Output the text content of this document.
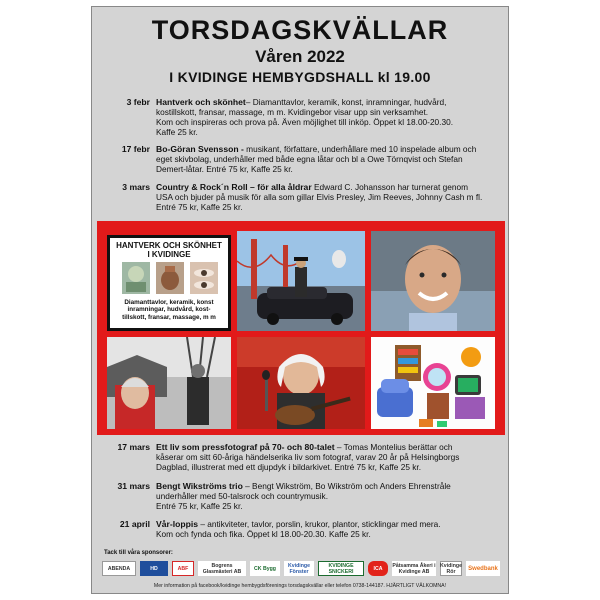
TORSDAGSKVÄLLAR
Våren 2022
I KVIDINGE HEMBYGDSHALL kl 19.00
3 febr Hantverk och skönhet– Diamanttavlor, keramik, konst, inramningar, hudvård,
kostillskott, fransar, massage, m m. Kvidingebor visar upp sin verksamhet.
Kom och inspireras och prova på. Även möjlighet till inköp. Öppet kl 18.00-20.30.
Kaffe 25 kr.
17 febr Bo-Göran Svensson - musikant, författare, underhållare med 10 inspelade album och
eget skivbolag, underhåller med både egna låtar och bl a Owe Törnqvist och Stefan
Demert-låtar. Entré 75 kr, Kaffe 25 kr.
3 mars Country & Rock´n Roll – för alla åldrar Edward C. Johansson har turnerat genom
USA och bjuder på musik för alla som gillar Elvis Presley, Jim Reeves, Johnny Cash m fl.
Entré 75 kr, Kaffe 25 kr.
HANTVERK OCH SKÖNHET
I KVIDINGE
Diamanttavlor, keramik, konst
inramningar, hudvård, kost-
tillskott, fransar, massage, m m
17 mars Ett liv som pressfotograf på 70- och 80-talet – Tomas Montelius berättar och
kåserar om sitt 60-åriga händelserika liv som fotograf, varav 20 år på Helsingborgs
Dagblad, illustrerat med ett djupdyk i bildarkivet. Entré 75 kr, Kaffe 25 kr.
31 mars Bengt Wikströms trio – Bengt Wikström, Bo Wikström och Anders Ehrenstråle
underhåller med 50-talsrock och countrymusik.
Entré 75 kr, Kaffe 25 kr.
21 april Vår-loppis – antikviteter, tavlor, porslin, krukor, plantor, sticklingar med mera.
Kom och fynda och fika. Öppet kl 18.00-20.30. Kaffe 25 kr.
Tack till våra sponsorer:
ABENDA	HD	ABF	Bogrens Glasmästeri AB	CK Bygg	Kvidinge Fönster
KVIDINGE SNICKERI	ICA	Påtsamma Åkeri i Kvidinge AB
Kvidinge Rör	Swedbank
Mer information på facebook/kvidinge hembygdsförenings torsdagskvällar eller telefon 0738-144187. HJÄRTLIGT VÄLKOMNA!
